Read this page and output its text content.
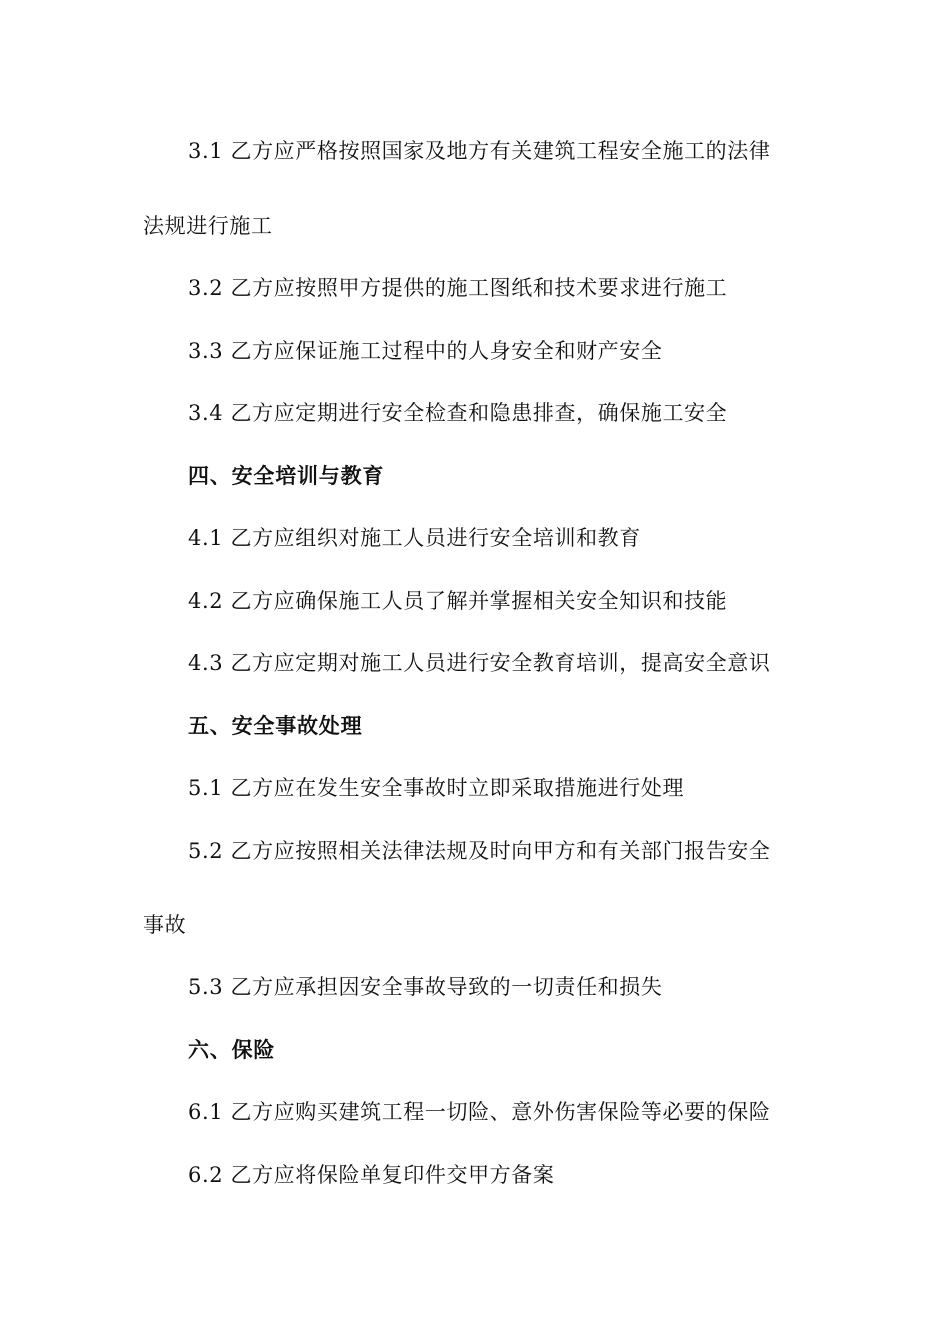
3.1 乙方应严格按照国家及地方有关建筑工程安全施工的法律
法规进行施工
3.2 乙方应按照甲方提供的施工图纸和技术要求进行施工
3.3 乙方应保证施工过程中的人身安全和财产安全
3.4 乙方应定期进行安全检查和隐患排查，确保施工安全
四、安全培训与教育
4.1 乙方应组织对施工人员进行安全培训和教育
4.2 乙方应确保施工人员了解并掌握相关安全知识和技能
4.3 乙方应定期对施工人员进行安全教育培训，提高安全意识
五、安全事故处理
5.1 乙方应在发生安全事故时立即采取措施进行处理
5.2 乙方应按照相关法律法规及时向甲方和有关部门报告安全
事故
5.3 乙方应承担因安全事故导致的一切责任和损失
六、保险
6.1 乙方应购买建筑工程一切险、意外伤害保险等必要的保险
6.2 乙方应将保险单复印件交甲方备案
